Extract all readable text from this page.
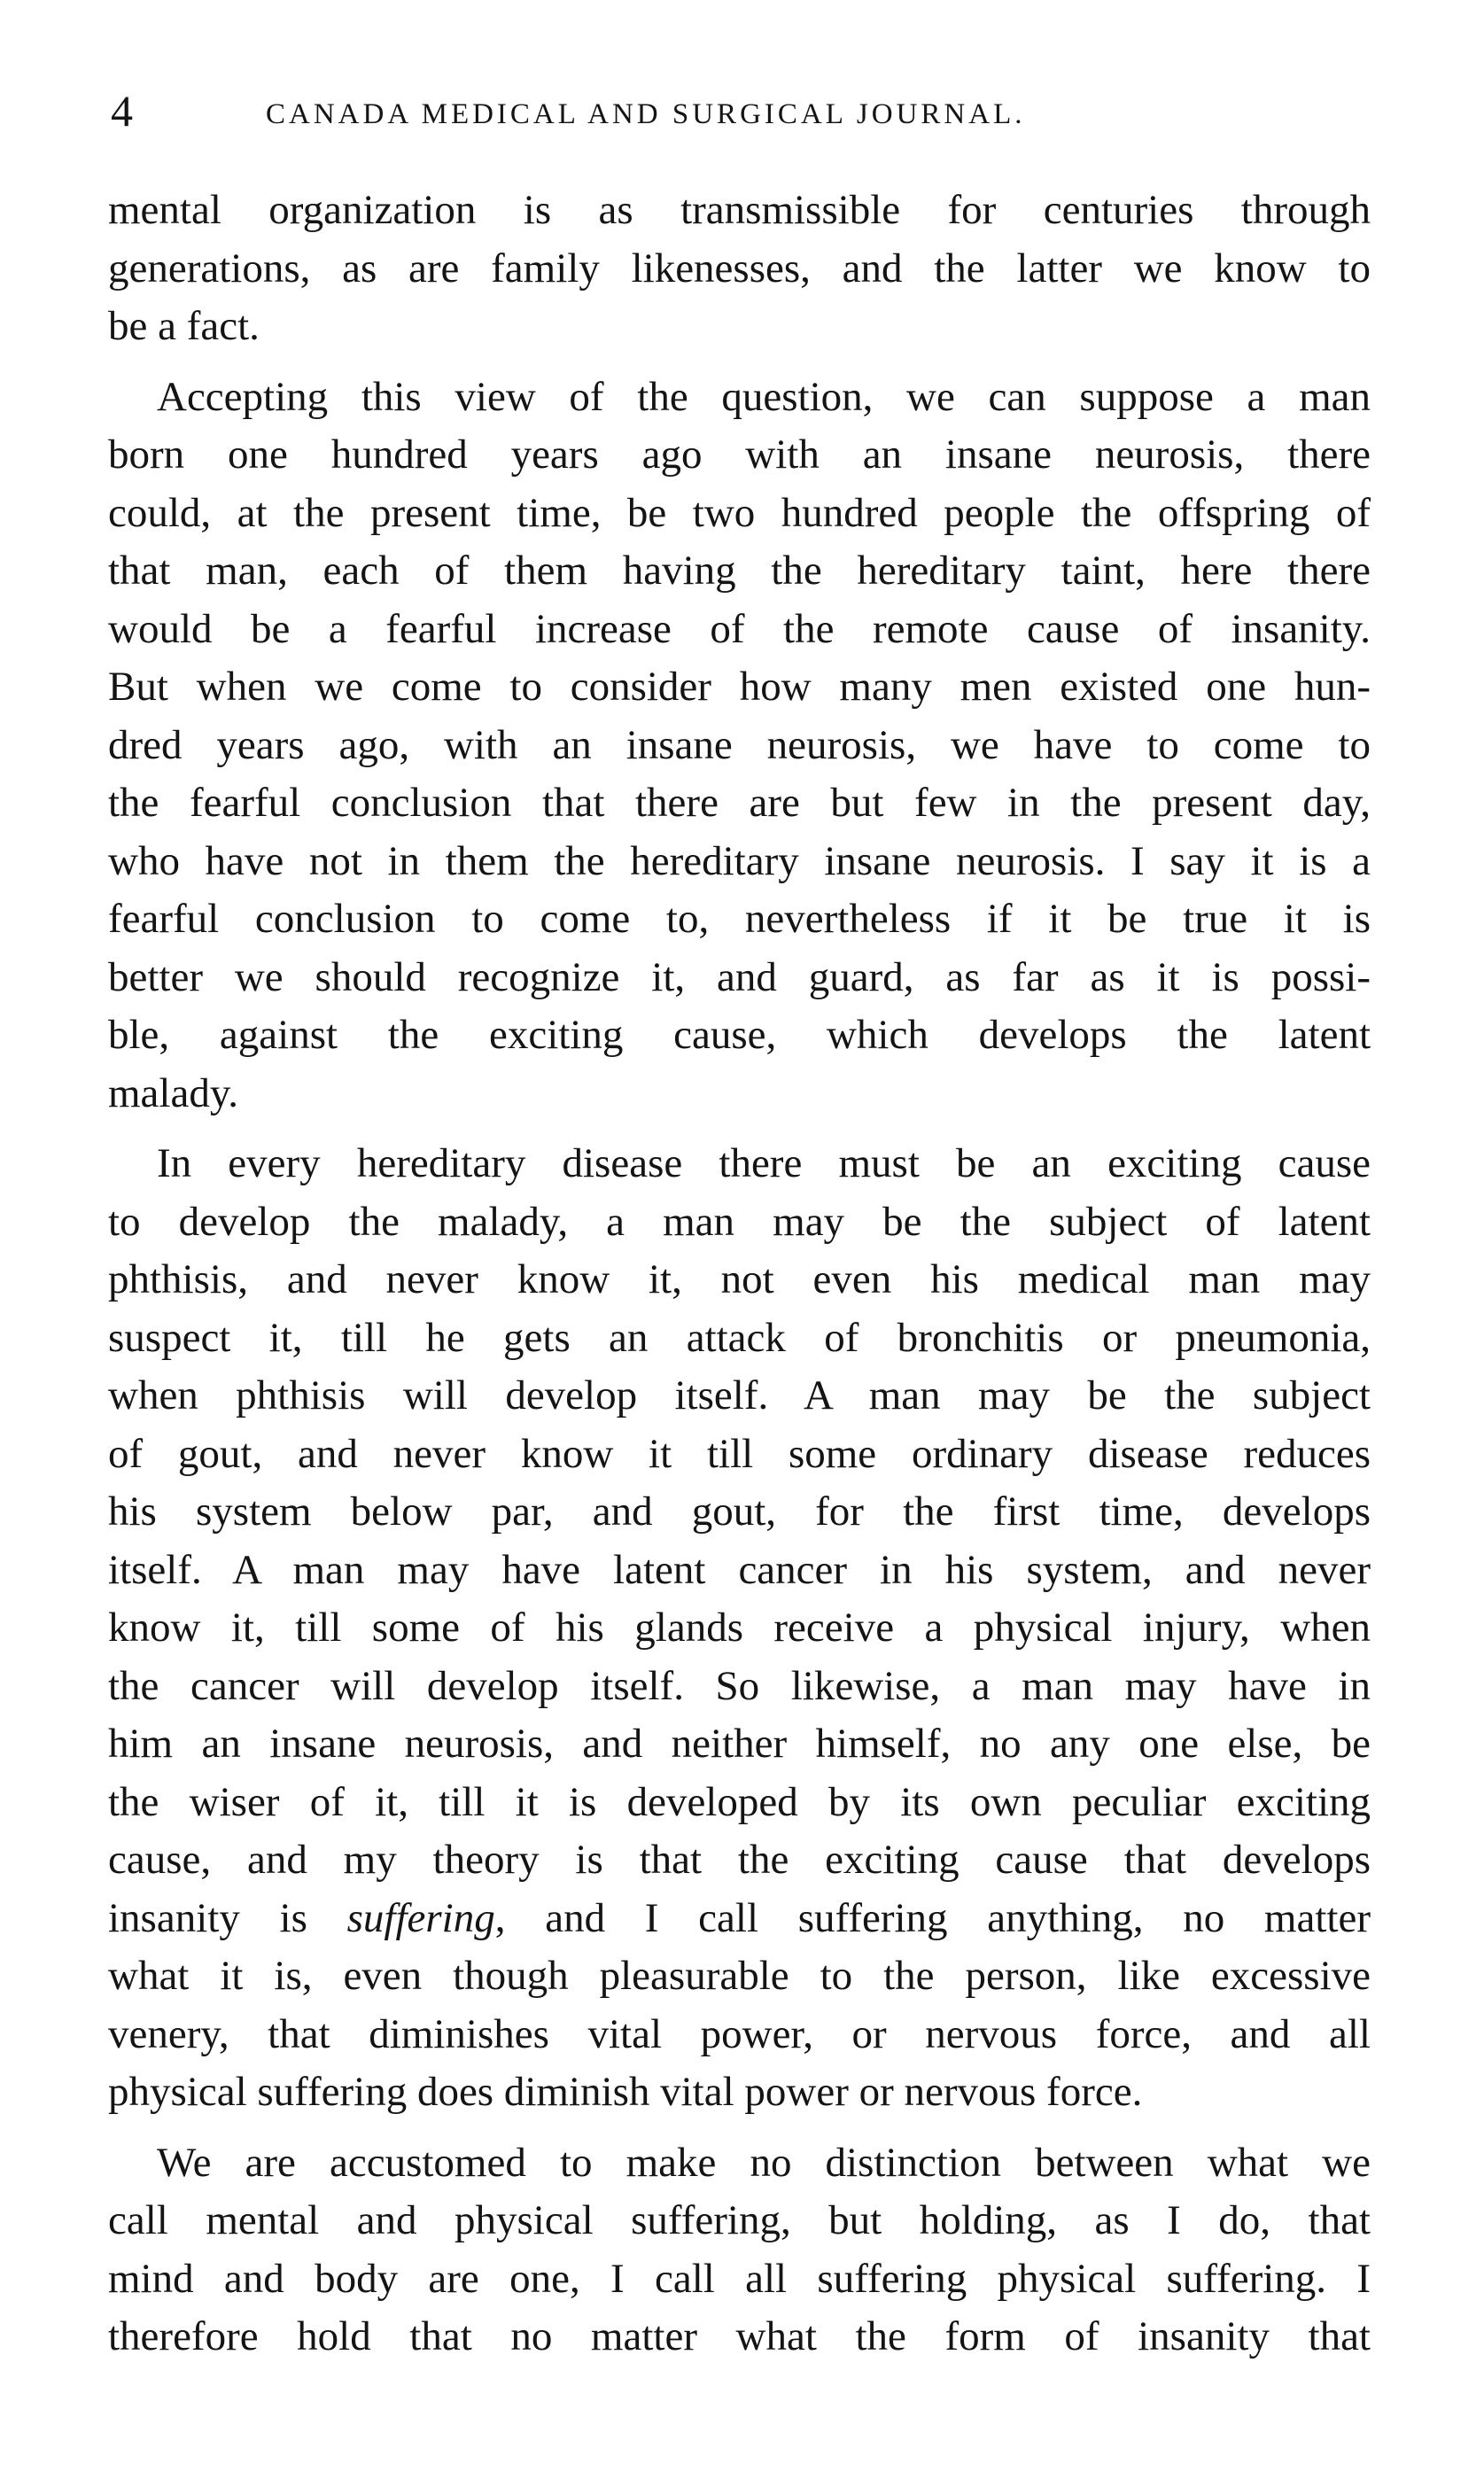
4	CANADA MEDICAL AND SURGICAL JOURNAL.

mental organization is as transmissible for centuries through
generations, as are family likenesses, and the latter we know to
be a fact.

Accepting this view of the question, we can suppose a man
born one hundred years ago with an insane neurosis, there
could, at the present time, be two hundred people the offspring of
that man, each of them having the hereditary taint, here there
would be a fearful increase of the remote cause of insanity.
But when we come to consider how many men existed one hun-
dred years ago, with an insane neurosis, we have to come to
the fearful conclusion that there are but few in the present day,
who have not in them the hereditary insane neurosis. I say it is a
fearful conclusion to come to, nevertheless if it be true it is
better we should recognize it, and guard, as far as it is possi-
ble, against the exciting cause, which develops the latent
malady.

In every hereditary disease there must be an exciting cause
to develop the malady, a man may be the subject of latent
phthisis, and never know it, not even his medical man may
suspect it, till he gets an attack of bronchitis or pneumonia,
when phthisis will develop itself. A man may be the subject
of gout, and never know it till some ordinary disease reduces
his system below par, and gout, for the first time, develops
itself. A man may have latent cancer in his system, and never
know it, till some of his glands receive a physical injury, when
the cancer will develop itself. So likewise, a man may have in
him an insane neurosis, and neither himself, no any one else, be
the wiser of it, till it is developed by its own peculiar exciting
cause, and my theory is that the exciting cause that develops
insanity is suffering, and I call suffering anything, no matter
what it is, even though pleasurable to the person, like excessive
venery, that diminishes vital power, or nervous force, and all
physical suffering does diminish vital power or nervous force.

We are accustomed to make no distinction between what we
call mental and physical suffering, but holding, as I do, that
mind and body are one, I call all suffering physical suffering. I
therefore hold that no matter what the form of insanity that
